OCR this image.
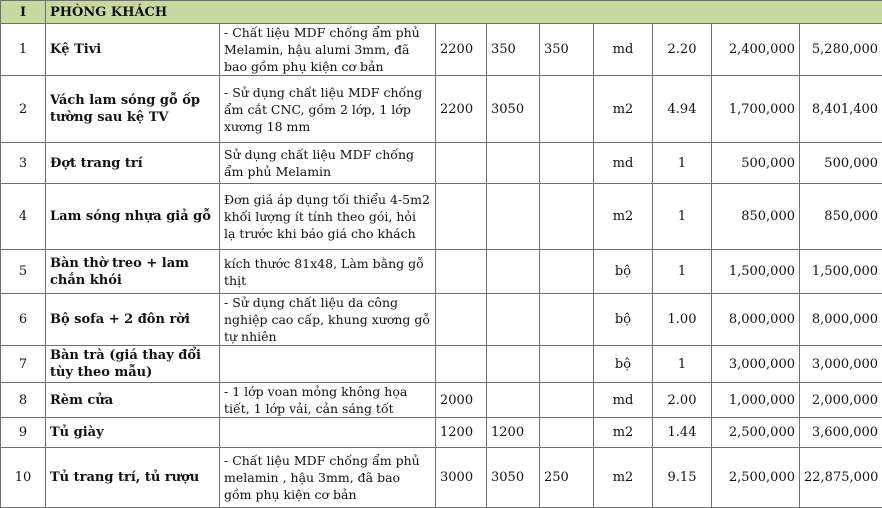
I	PHÒNG KHÁCH								
1	Kệ Tivi	- Chất liệu MDF chống ẩm phủ Melamin, hậu alumi 3mm, đã bao gồm phụ kiện cơ bản	2200	350	350	md	2.20	2,400,000	5,280,000
2	Vách lam sóng gỗ ốp tường sau kệ TV	- Sử dụng chất liệu MDF chống ẩm cắt CNC, gồm 2 lớp, 1 lớp xương 18 mm	2200	3050		m2	4.94	1,700,000	8,401,400
3	Đợt trang trí	Sử dụng chất liệu MDF chống ẩm phủ Melamin				md	1	500,000	500,000
4	Lam sóng nhựa giả gỗ	Đơn giá áp dụng tối thiểu 4-5m2 khối lượng ít tính theo gói, hỏi lạ trước khi báo giá cho khách				m2	1	850,000	850,000
5	Bàn thờ treo + lam chắn khói	kích thước 81x48, Làm bằng gỗ thịt				bộ	1	1,500,000	1,500,000
6	Bộ sofa + 2 đôn rời	- Sử dụng chất liệu da công nghiệp cao cấp, khung xương gỗ tự nhiên				bộ	1.00	8,000,000	8,000,000
7	Bàn trà (giá thay đổi tùy theo mẫu)					bộ	1	3,000,000	3,000,000
8	Rèm cửa	- 1 lớp voan mỏng không họa tiết, 1 lớp vải, cản sáng tốt	2000			md	2.00	1,000,000	2,000,000
9	Tủ giày		1200	1200		m2	1.44	2,500,000	3,600,000
10	Tủ trang trí, tủ rượu	- Chất liệu MDF chống ẩm phủ melamin , hậu 3mm, đã bao gồm phụ kiện cơ bản	3000	3050	250	m2	9.15	2,500,000	22,875,000
